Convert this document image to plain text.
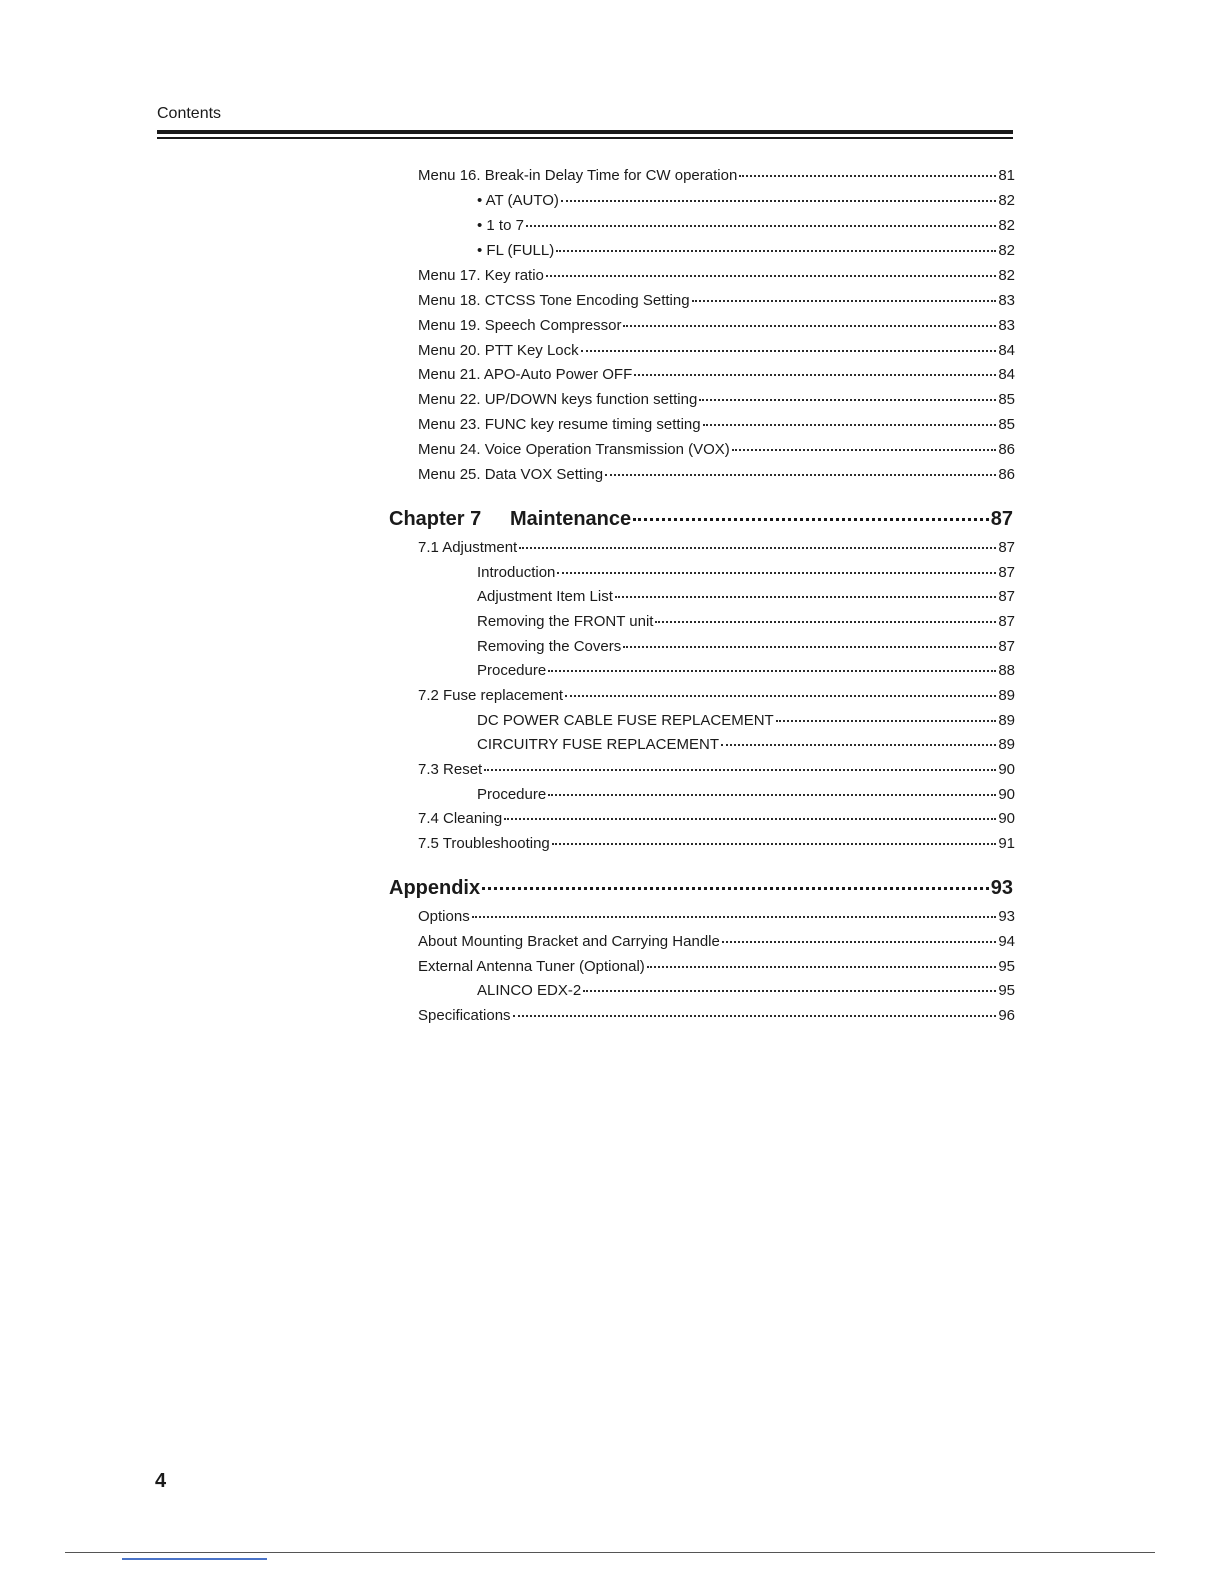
Contents
Menu 16. Break-in Delay Time for CW operation	81
• AT (AUTO)	82
• 1 to 7	82
• FL (FULL)	82
Menu 17. Key ratio	82
Menu 18. CTCSS Tone Encoding Setting	83
Menu 19. Speech Compressor	83
Menu 20. PTT Key Lock	84
Menu 21. APO-Auto Power OFF	84
Menu 22. UP/DOWN keys function setting	85
Menu 23. FUNC key resume timing setting	85
Menu 24. Voice Operation Transmission (VOX)	86
Menu 25. Data VOX Setting	86
Chapter 7 Maintenance	87
7.1 Adjustment	87
Introduction	87
Adjustment Item List	87
Removing the FRONT unit	87
Removing the Covers	87
Procedure	88
7.2 Fuse replacement	89
DC POWER CABLE FUSE REPLACEMENT	89
CIRCUITRY FUSE REPLACEMENT	89
7.3 Reset	90
Procedure	90
7.4 Cleaning	90
7.5 Troubleshooting	91
Appendix	93
Options	93
About Mounting Bracket and Carrying Handle	94
External Antenna Tuner (Optional)	95
ALINCO EDX-2	95
Specifications	96
4
